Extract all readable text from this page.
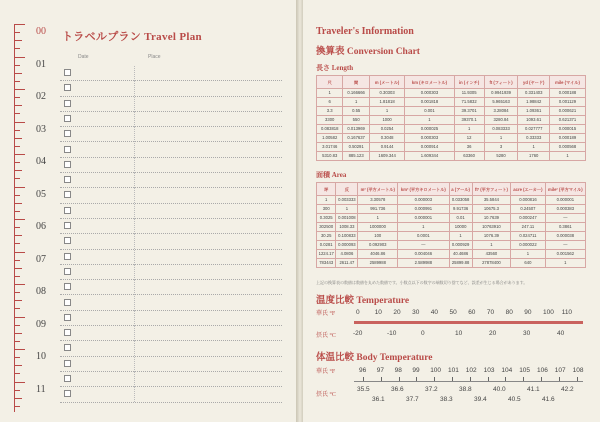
00
01
02
03
04
05
06
07
08
09
10
11
トラベルプラン Travel Plan
Date	Place
Traveler's Information
換算表 Conversion Chart
長さ Length
尺	間	m (メートル)	km (キロメートル)	in (インチ)	ft (フィート)	yd (ヤード)	mile (マイル)
1	0.166666	0.30303	0.000303	11.9305	0.9941939	0.331403	0.000188
6	1	1.81818	0.001818	71.5832	5.965163	1.98842	0.001129
3.3	0.55	1	0.001	39.3701	3.28084	1.09361	0.000621
3300	550	1000	1	39370.1	3280.84	1093.61	0.621371
0.083818	0.013969	0.0254	0.000025	1	0.083333	0.027777	0.000015
1.00582	0.167637	0.3048	0.000303	12	1	0.33333	0.000189
3.01746	0.50291	0.9144	0.000914	36	3	1	0.000568
5310.83	885.123	1609.344	1.609344	63360	5280	1760	1
面積 Area
坪	反	m² (平方メートル)	km² (平方キロメートル)	a (アール)	ft² (平方フィート)	acre (エーカー)	mile² (平方マイル)
1	0.003333	3.30578	0.000003	0.033058	35.5844	0.000816	0.000001
300	1	991.736	0.000991	9.91736	10675.3	0.24507	0.000383
0.3025	0.001008	1	0.000001	0.01	10.7639	0.000247	—
302500	1008.33	1000000	1	10000	10763910	247.11	0.3861
30.25	0.100833	100	0.0001	1	1076.39	0.024711	0.000038
0.0281	0.000093	0.092903	—	0.000929	1	0.000022	—
1224.17	4.0806	4046.86	0.004046	40.4686	43560	1	0.001562
783443	2611.47	2589988	2.589988	25899.88	27878400	640	1
上記の換算表の数値は数値を丸めた数値です。小数点以下の数字の端数切り捨てなど、誤差が生じる場合があります。
温度比較 Temperature
華氏 °F
摂氏 °C
0 10 20 30 40 50 60 70 80 90 100 110
-20	-10	0	10	20	30	40
体温比較 Body Temperature
華氏 °F
摂氏 °C
96 97 98 99 100 101 102 103 104 105 106 107 108
35.5	36.6	37.2	38.8	40.0	41.1	42.2
36.1	37.7	38.3	39.4	40.5	41.6
